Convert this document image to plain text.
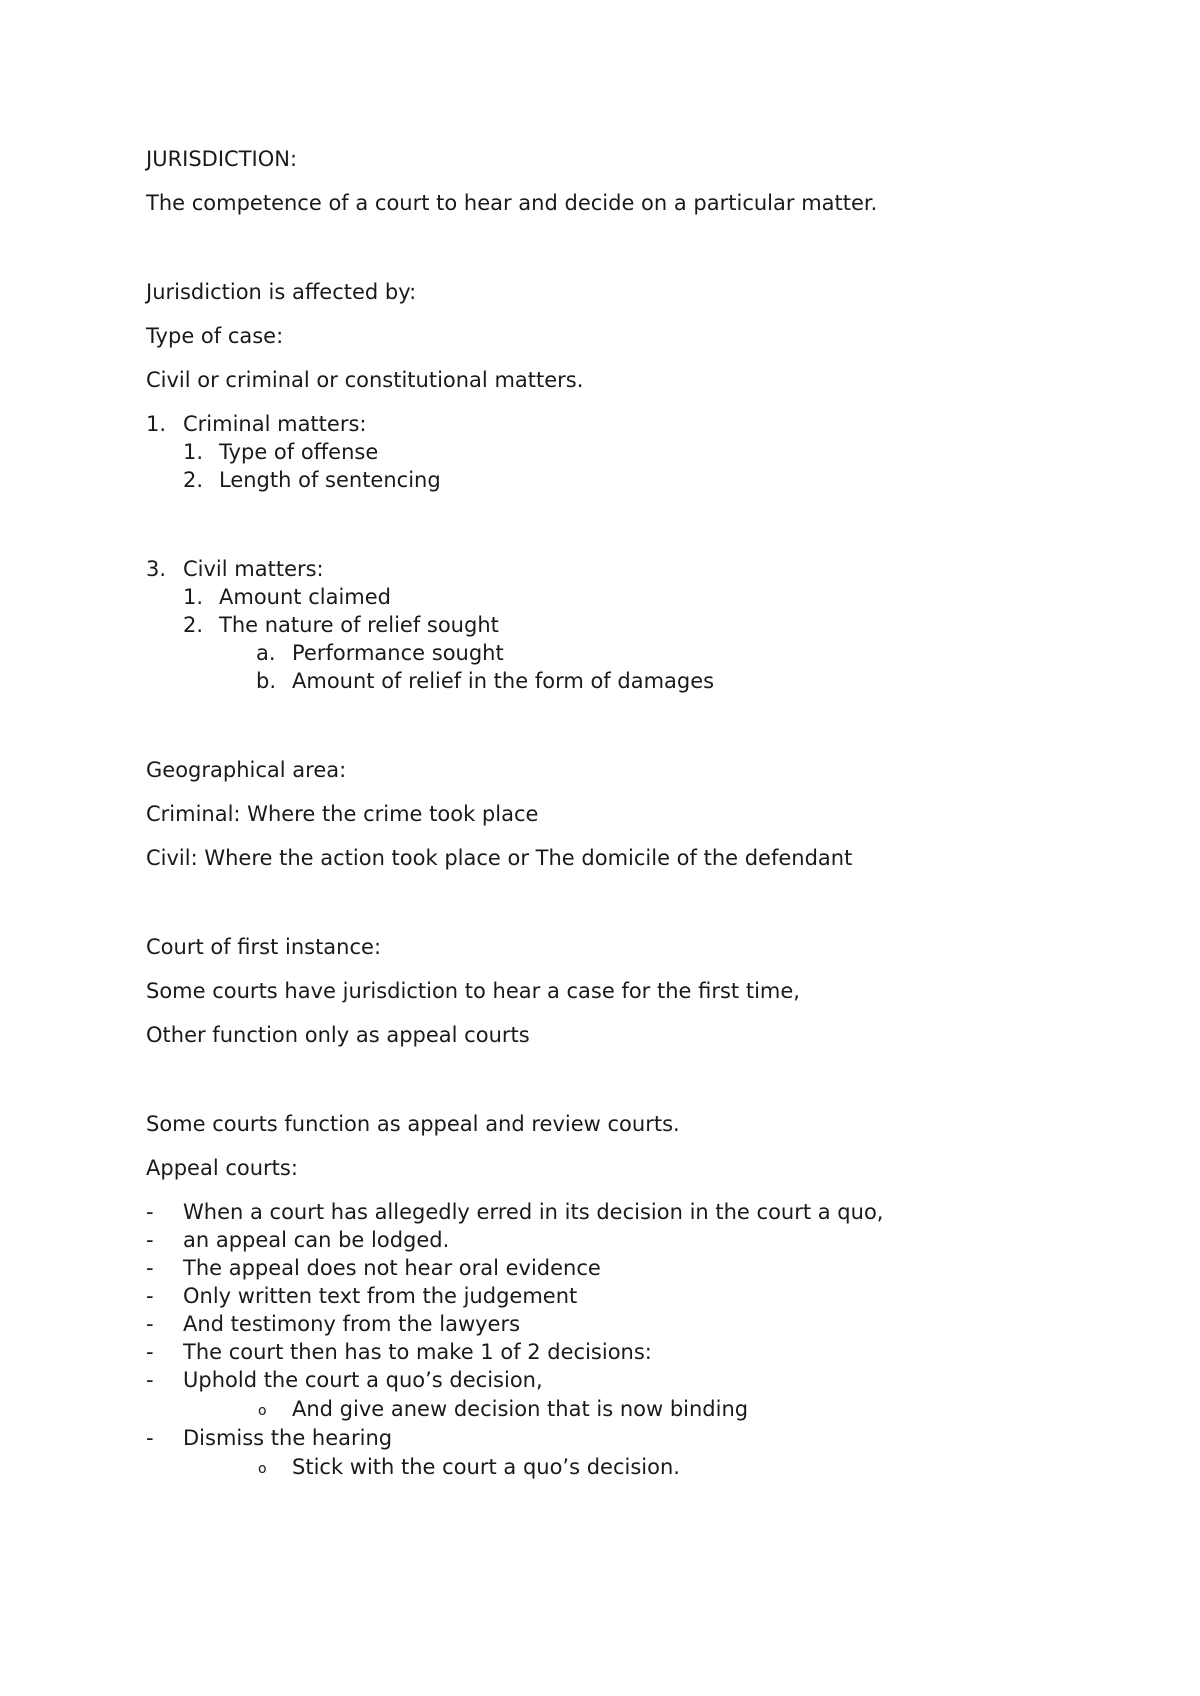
JURISDICTION:
The competence of a court to hear and decide on a particular matter.
Jurisdiction is affected by:
Type of case:
Civil or criminal or constitutional matters.
1. Criminal matters:
1. Type of offense
2. Length of sentencing
3. Civil matters:
1. Amount claimed
2. The nature of relief sought
a. Performance sought
b. Amount of relief in the form of damages
Geographical area:
Criminal: Where the crime took place
Civil: Where the action took place or The domicile of the defendant
Court of first instance:
Some courts have jurisdiction to hear a case for the first time,
Other function only as appeal courts
Some courts function as appeal and review courts.
Appeal courts:
- When a court has allegedly erred in its decision in the court a quo,
- an appeal can be lodged.
- The appeal does not hear oral evidence
- Only written text from the judgement
- And testimony from the lawyers
- The court then has to make 1 of 2 decisions:
- Uphold the court a quo’s decision,
o And give anew decision that is now binding
- Dismiss the hearing
o Stick with the court a quo’s decision.
